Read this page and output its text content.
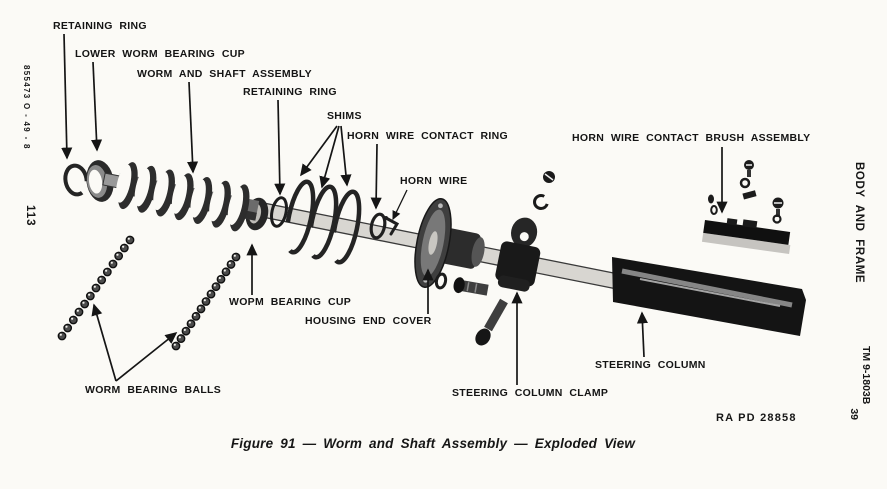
RETAINING RING
LOWER WORM BEARING CUP
WORM AND SHAFT ASSEMBLY
RETAINING RING
SHIMS
HORN WIRE CONTACT RING
HORN WIRE
HORN WIRE CONTACT BRUSH ASSEMBLY
WOPM BEARING CUP
HOUSING END COVER
WORM BEARING BALLS	STEERING COLUMN CLAMP
STEERING COLUMN
Figure 91 — Worm and Shaft Assembly — Exploded View
RA PD 28858
855473 O - 49 - 8
113	BODY AND FRAME
TM 9-1803B
39
